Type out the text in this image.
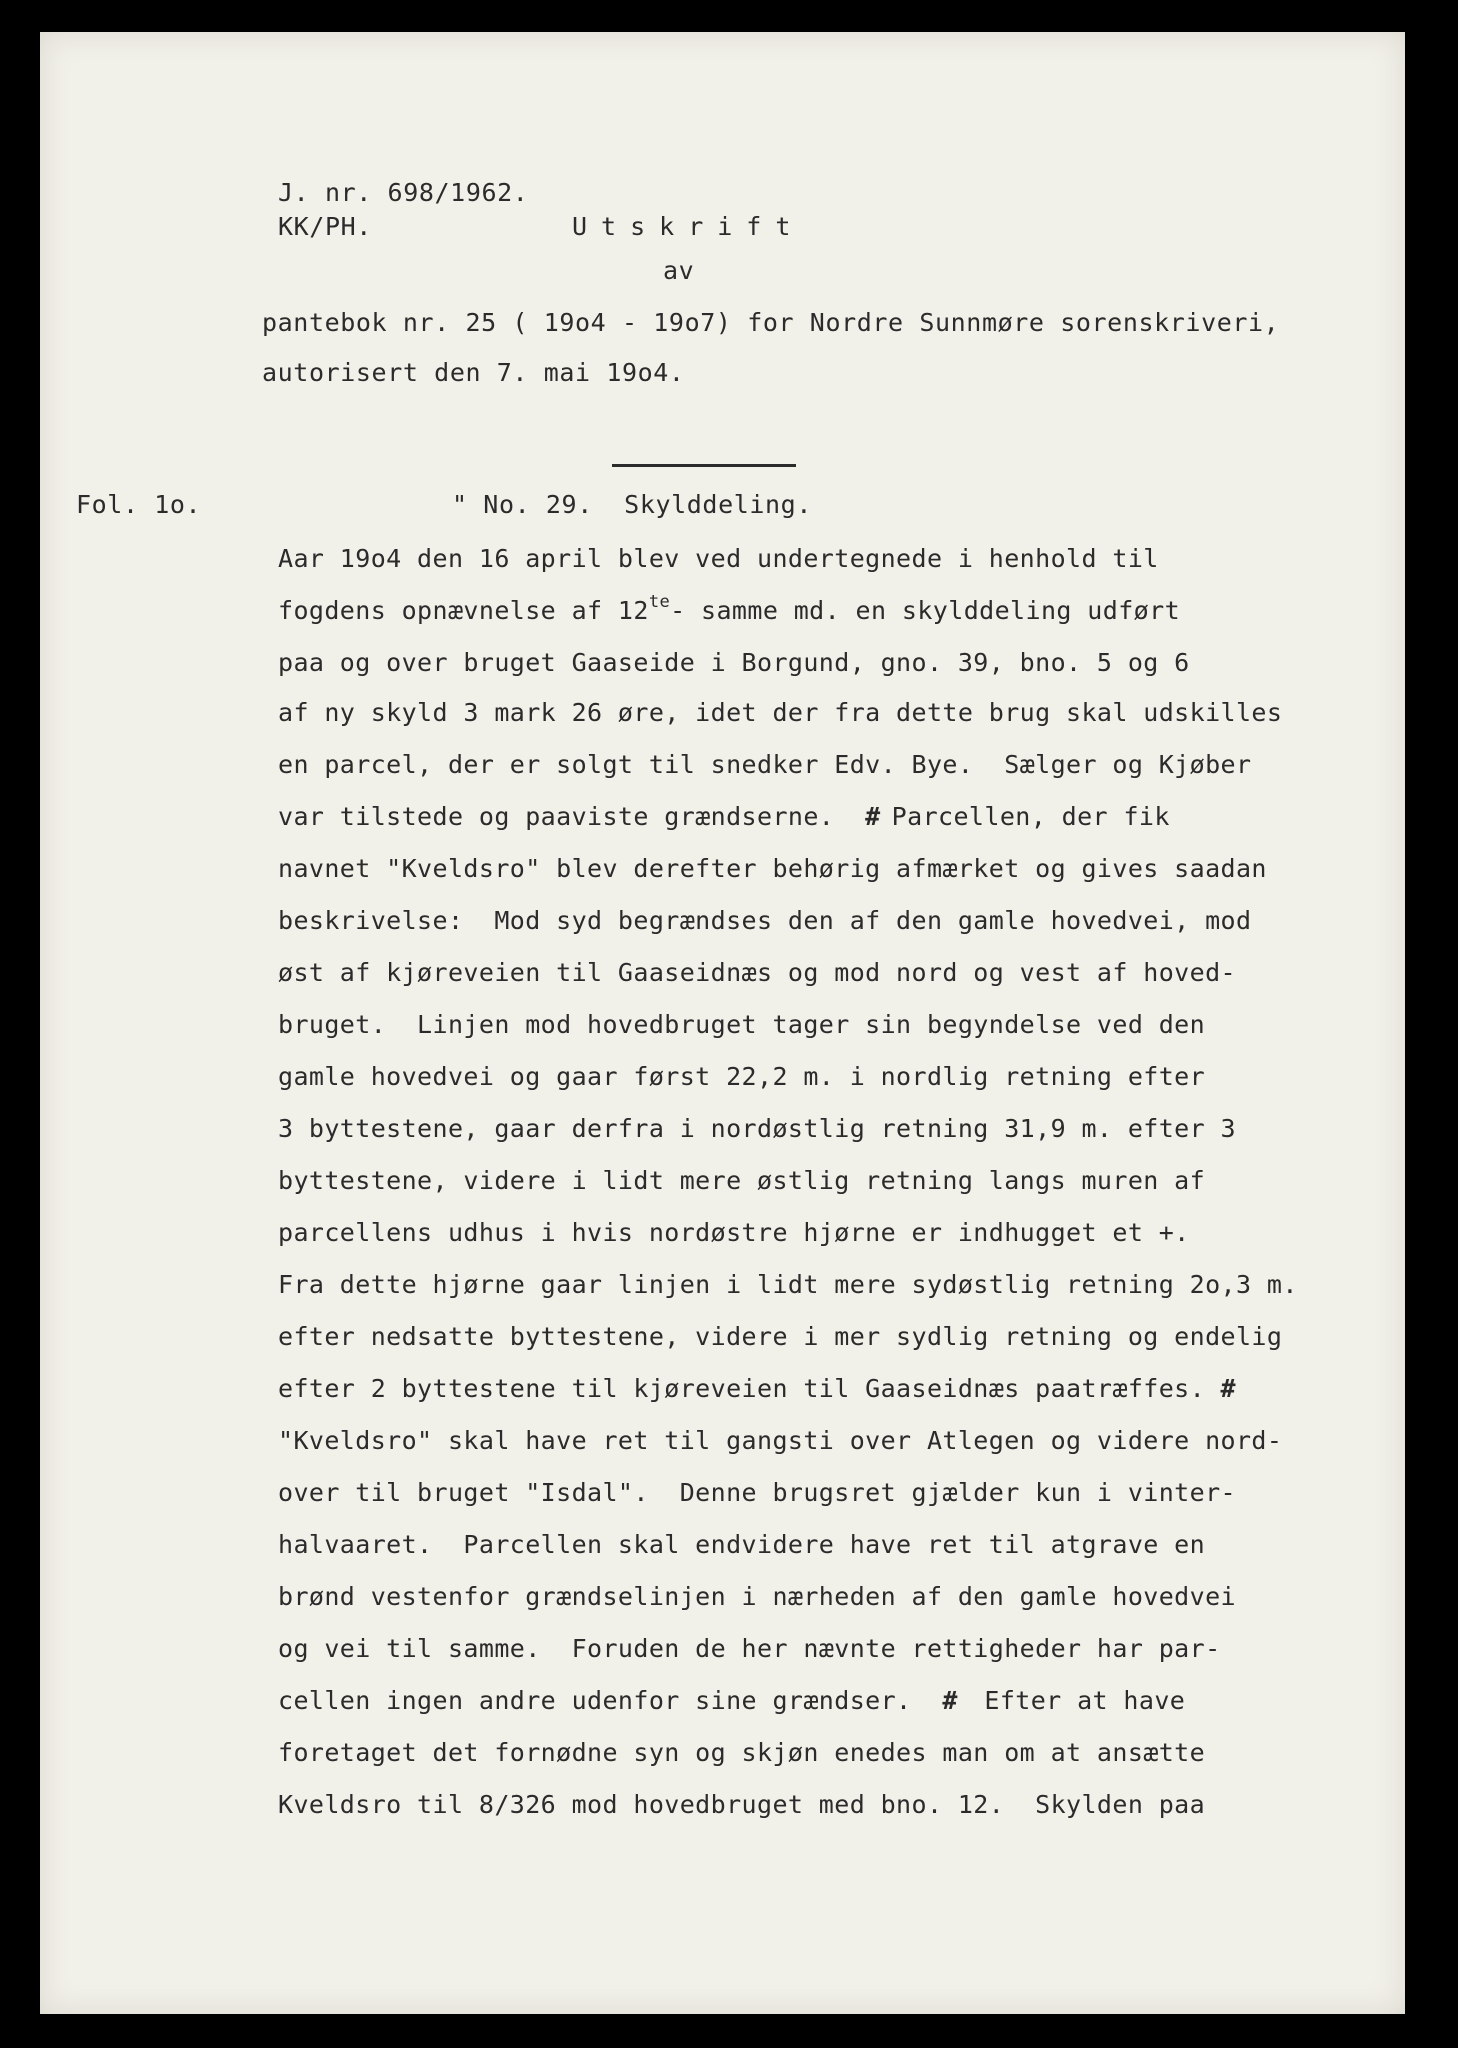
J. nr. 698/1962.
KK/PH.	Utskrift
av
pantebok nr. 25 ( 19o4 - 19o7) for Nordre Sunnmøre sorenskriveri,
autorisert den 7. mai 19o4.
Fol. 1o.	" No. 29.  Skylddeling.
Aar 19o4 den 16 april blev ved undertegnede i henhold til
fogdens opnævnelse af $12^{te}-$ samme md. en skylddeling udført
paa og over bruget Gaaseide i Borgund, gno. 39, bno. 5 og 6
af ny skyld 3 mark 26 øre, idet der fra dette brug skal udskilles
en parcel, der er solgt til snedker Edv. Bye.  Sælger og Kjøber
var tilstede og paaviste grændserne.  # Parcellen, der fik
navnet "Kveldsro" blev derefter behørig afmærket og gives saadan
beskrivelse:  Mod syd begrændses den af den gamle hovedvei, mod
øst af kjøreveien til Gaaseidnæs og mod nord og vest af hoved-
bruget.  Linjen mod hovedbruget tager sin begyndelse ved den
gamle hovedvei og gaar først 22,2 m. i nordlig retning efter
3 byttestene, gaar derfra i nordøstlig retning 31,9 m. efter 3
byttestene, videre i lidt mere østlig retning langs muren af
parcellens udhus i hvis nordøstre hjørne er indhugget et +.
Fra dette hjørne gaar linjen i lidt mere sydøstlig retning 2o,3 m.
efter nedsatte byttestene, videre i mer sydlig retning og endelig
efter 2 byttestene til kjøreveien til Gaaseidnæs paatræffes. #
"Kveldsro" skal have ret til gangsti over Atlegen og videre nord-
over til bruget "Isdal".  Denne brugsret gjælder kun i vinter-
halvaaret.  Parcellen skal endvidere have ret til atgrave en
brønd vestenfor grændselinjen i nærheden af den gamle hovedvei
og vei til samme.  Foruden de her nævnte rettigheder har par-
cellen ingen andre udenfor sine grændser.  #  Efter at have
foretaget det fornødne syn og skjøn enedes man om at ansætte
Kveldsro til 8/326 mod hovedbruget med bno. 12.  Skylden paa
